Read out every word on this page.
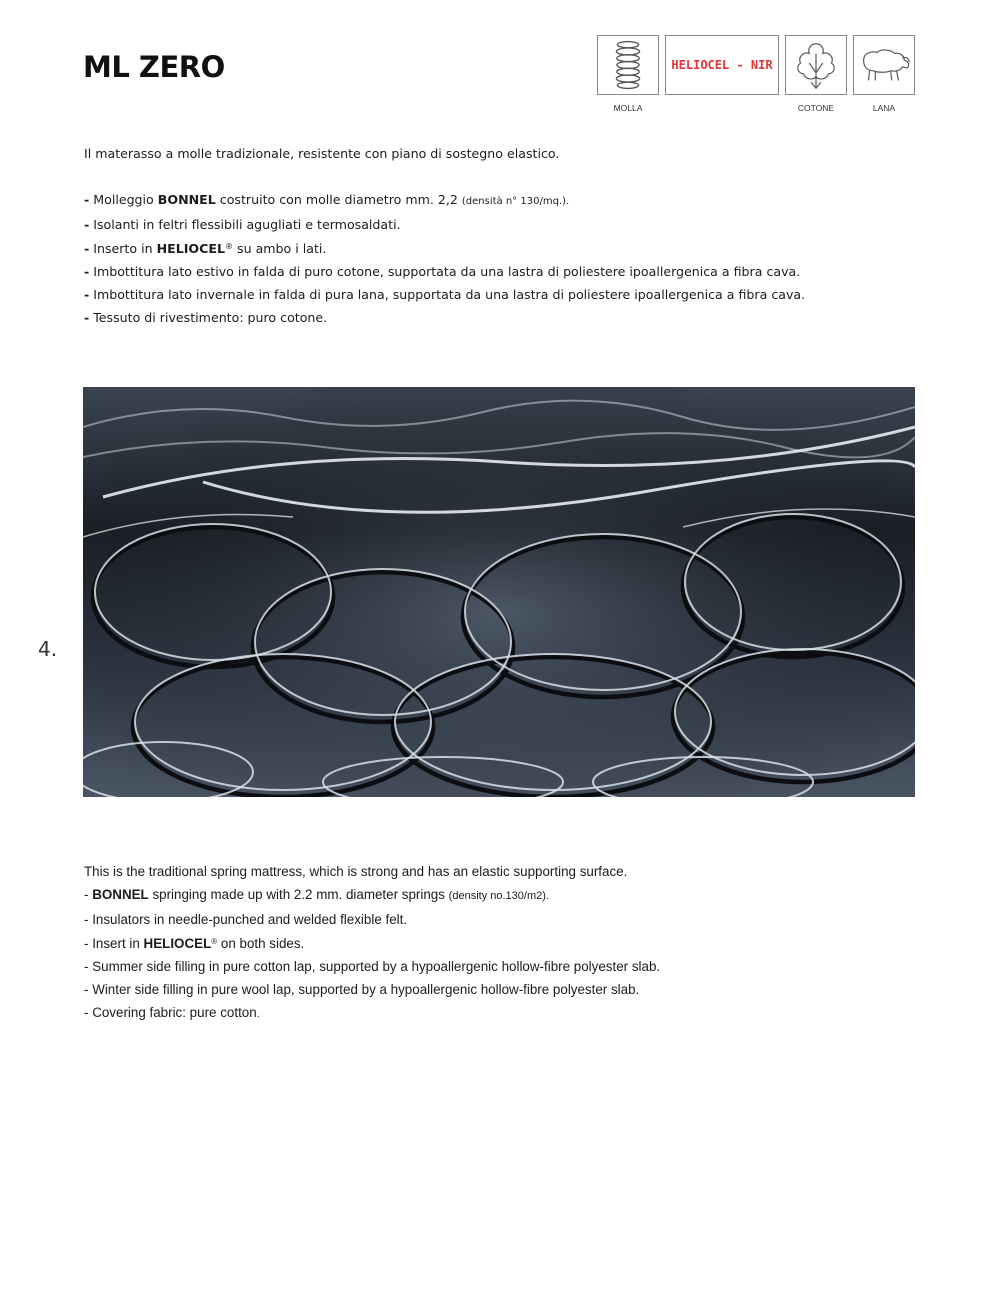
ML ZERO
MOLLA
HELIOCEL - NIR
COTONE	LANA
Il materasso a molle tradizionale, resistente con piano di sostegno elastico.
- Molleggio BONNEL costruito con molle diametro mm. 2,2 (densità n° 130/mq.).
- Isolanti in feltri flessibili agugliati e termosaldati.
- Inserto in HELIOCEL® su ambo i lati.
- Imbottitura lato estivo in falda di puro cotone, supportata da una lastra di poliestere ipoallergenica a fibra cava.
- Imbottitura lato invernale in falda di pura lana, supportata da una lastra di poliestere ipoallergenica a fibra cava.
- Tessuto di rivestimento: puro cotone.
4.
This is the traditional spring mattress, which is strong and has an elastic supporting surface.
- BONNEL springing made up with 2.2 mm. diameter springs (density no.130/m2).
- Insulators in needle-punched and welded flexible felt.
- Insert in HELIOCEL® on both sides.
- Summer side filling in pure cotton lap, supported by a hypoallergenic hollow-fibre polyester slab.
- Winter side filling in pure wool lap, supported by a hypoallergenic hollow-fibre polyester slab.
- Covering fabric: pure cotton.
